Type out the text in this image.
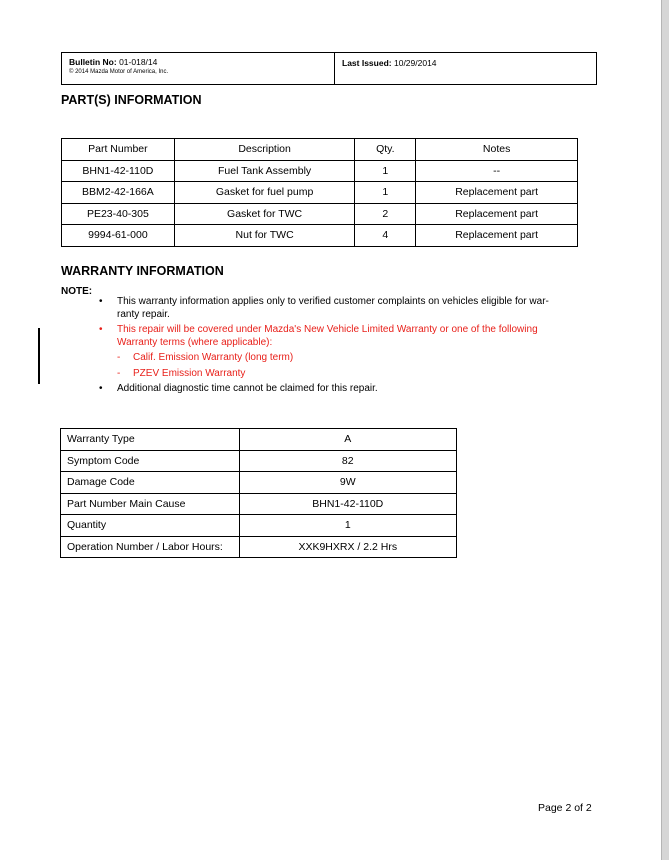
Bulletin No: 01-018/14
© 2014 Mazda Motor of America, Inc.
Last Issued: 10/29/2014
PART(S) INFORMATION
Part Number	Description	Qty.	Notes
BHN1-42-110D	Fuel Tank Assembly	1	--
BBM2-42-166A	Gasket for fuel pump	1	Replacement part
PE23-40-305	Gasket for TWC	2	Replacement part
9994-61-000	Nut for TWC	4	Replacement part
WARRANTY INFORMATION
NOTE:
• This warranty information applies only to verified customer complaints on vehicles eligible for war-
ranty repair.
• This repair will be covered under Mazda's New Vehicle Limited Warranty or one of the following
Warranty terms (where applicable):
- Calif. Emission Warranty (long term)
- PZEV Emission Warranty
• Additional diagnostic time cannot be claimed for this repair.
Warranty Type	A
Symptom Code	82
Damage Code	9W
Part Number Main Cause	BHN1-42-110D
Quantity	1
Operation Number / Labor Hours:	XXK9HXRX / 2.2 Hrs
Page 2 of 2
